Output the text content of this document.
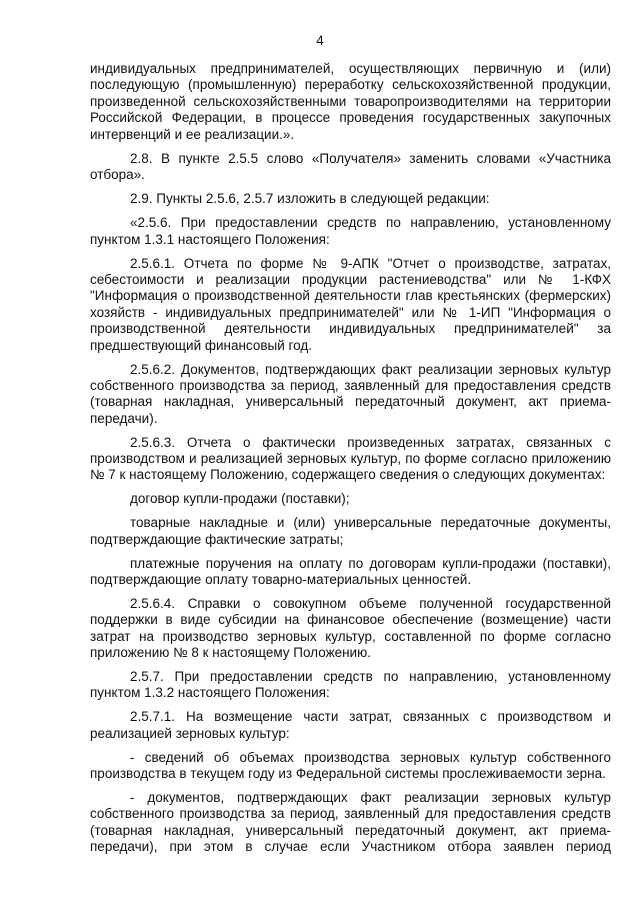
4

индивидуальных предпринимателей, осуществляющих первичную и (или) последующую (промышленную) переработку сельскохозяйственной продукции, произведенной сельскохозяйственными товаропроизводителями на территории Российской Федерации, в процессе проведения государственных закупочных интервенций и ее реализации.».

2.8. В пункте 2.5.5 слово «Получателя» заменить словами «Участника отбора».

2.9. Пункты 2.5.6, 2.5.7 изложить в следующей редакции:

«2.5.6. При предоставлении средств по направлению, установленному пунктом 1.3.1 настоящего Положения:

2.5.6.1. Отчета по форме № 9-АПК "Отчет о производстве, затратах, себестоимости и реализации продукции растениеводства" или № 1-КФХ "Информация о производственной деятельности глав крестьянских (фермерских) хозяйств - индивидуальных предпринимателей" или № 1-ИП "Информация о производственной деятельности индивидуальных предпринимателей" за предшествующий финансовый год.

2.5.6.2. Документов, подтверждающих факт реализации зерновых культур собственного производства за период, заявленный для предоставления средств (товарная накладная, универсальный передаточный документ, акт приема-передачи).

2.5.6.3. Отчета о фактически произведенных затратах, связанных с производством и реализацией зерновых культур, по форме согласно приложению № 7 к настоящему Положению, содержащего сведения о следующих документах:

договор купли-продажи (поставки);

товарные накладные и (или) универсальные передаточные документы, подтверждающие фактические затраты;

платежные поручения на оплату по договорам купли-продажи (поставки), подтверждающие оплату товарно-материальных ценностей.

2.5.6.4. Справки о совокупном объеме полученной государственной поддержки в виде субсидии на финансовое обеспечение (возмещение) части затрат на производство зерновых культур, составленной по форме согласно приложению № 8 к настоящему Положению.

2.5.7. При предоставлении средств по направлению, установленному пунктом 1.3.2 настоящего Положения:

2.5.7.1. На возмещение части затрат, связанных с производством и реализацией зерновых культур:

- сведений об объемах производства зерновых культур собственного производства в текущем году из Федеральной системы прослеживаемости зерна.

- документов, подтверждающих факт реализации зерновых культур собственного производства за период, заявленный для предоставления средств (товарная накладная, универсальный передаточный документ, акт приема-передачи), при этом в случае если Участником отбора заявлен период
